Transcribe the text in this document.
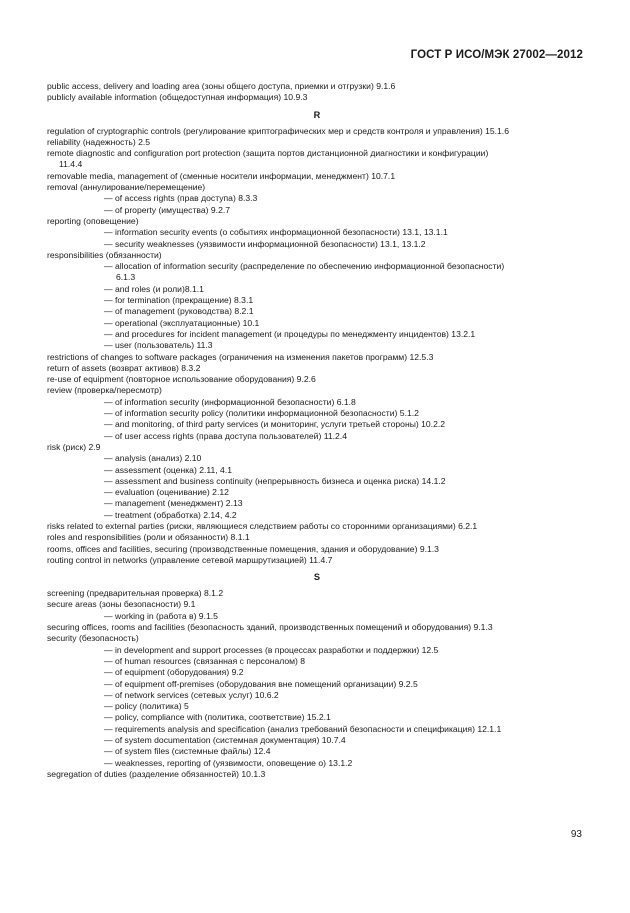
ГОСТ Р ИСО/МЭК 27002—2012
public access, delivery and loading area (зоны общего доступа, приемки и отгрузки) 9.1.6
publicly available information (общедоступная информация) 10.9.3
R
regulation of cryptographic controls (регулирование криптографических мер и средств контроля и управления) 15.1.6
reliability (надежность) 2.5
remote diagnostic and configuration port protection (защита портов дистанционной диагностики и конфигурации)
11.4.4
removable media, management of (сменные носители информации, менеджмент) 10.7.1
removal (аннулирование/перемещение)
— of access rights (прав доступа) 8.3.3
— of property (имущества) 9.2.7
reporting (оповещение)
— information security events (о событиях информационной безопасности) 13.1, 13.1.1
— security weaknesses (уязвимости информационной безопасности) 13.1, 13.1.2
responsibilities (обязанности)
— allocation of information security (распределение по обеспечению информационной безопасности)
6.1.3
— and roles (и роли)8.1.1
— for termination (прекращение) 8.3.1
— of management (руководства) 8.2.1
— operational (эксплуатационные) 10.1
— and procedures for incident management (и процедуры по менеджменту инцидентов) 13.2.1
— user (пользователь) 11.3
restrictions of changes to software packages (ограничения на изменения пакетов программ) 12.5.3
return of assets (возврат активов) 8.3.2
re-use of equipment (повторное использование оборудования) 9.2.6
review (проверка/пересмотр)
— of information security (информационной безопасности) 6.1.8
— of information security policy (политики информационной безопасности) 5.1.2
— and monitoring, of third party services (и мониторинг, услуги третьей стороны) 10.2.2
— of user access rights (права доступа пользователей) 11.2.4
risk (риск) 2.9
— analysis (анализ) 2.10
— assessment (оценка) 2.11, 4.1
— assessment and business continuity (непрерывность бизнеса и оценка риска) 14.1.2
— evaluation (оценивание) 2.12
— management (менеджмент) 2.13
— treatment (обработка) 2.14, 4.2
risks related to external parties (риски, являющиеся следствием работы со сторонними организациями) 6.2.1
roles and responsibilities (роли и обязанности) 8.1.1
rooms, offices and facilities, securing (производственные помещения, здания и оборудование) 9.1.3
routing control in networks (управление сетевой маршрутизацией) 11.4.7
S
screening (предварительная проверка) 8.1.2
secure areas (зоны безопасности) 9.1
— working in (работа в) 9.1.5
securing offices, rooms and facilities (безопасность зданий, производственных помещений и оборудования) 9.1.3
security (безопасность)
— in development and support processes (в процессах разработки и поддержки) 12.5
— of human resources (связанная с персоналом) 8
— of equipment (оборудования) 9.2
— of equipment off-premises (оборудования вне помещений организации) 9.2.5
— of network services (сетевых услуг) 10.6.2
— policy (политика) 5
— policy, compliance with (политика, соответствие) 15.2.1
— requirements analysis and specification (анализ требований безопасности и спецификация) 12.1.1
— of system documentation (системная документация) 10.7.4
— of system files (системные файлы) 12.4
— weaknesses, reporting of (уязвимости, оповещение о) 13.1.2
segregation of duties (разделение обязанностей) 10.1.3
93
